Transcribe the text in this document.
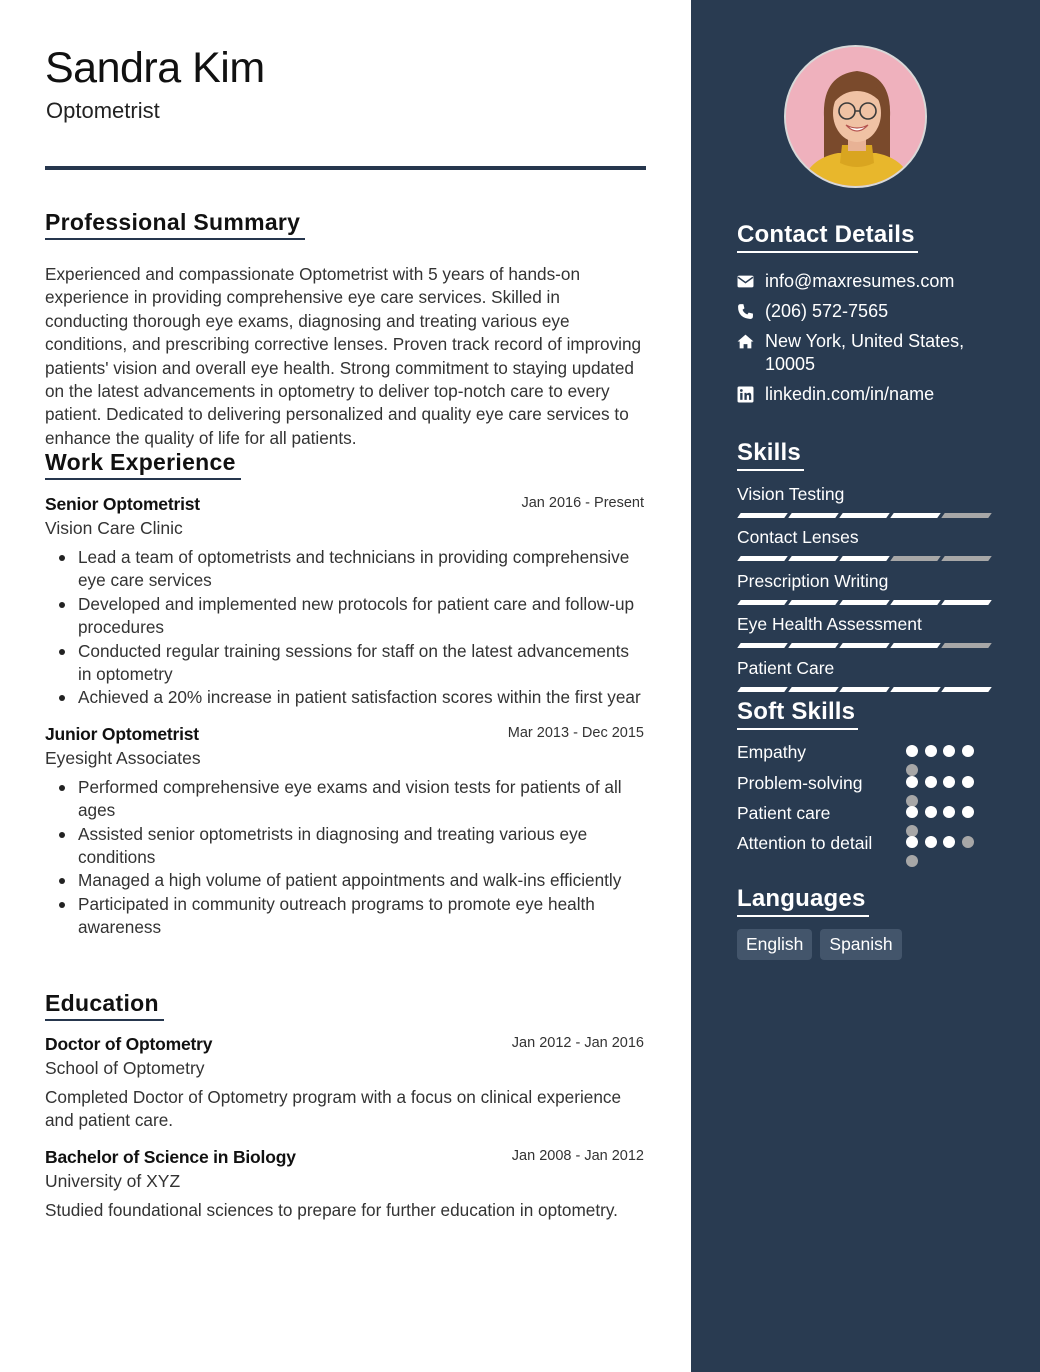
Sandra Kim
Optometrist
Professional Summary
Experienced and compassionate Optometrist with 5 years of hands-on experience in providing comprehensive eye care services. Skilled in conducting thorough eye exams, diagnosing and treating various eye conditions, and prescribing corrective lenses. Proven track record of improving patients' vision and overall eye health. Strong commitment to staying updated on the latest advancements in optometry to deliver top-notch care to every patient. Dedicated to delivering personalized and quality eye care services to enhance the quality of life for all patients.
Work Experience
Senior Optometrist	Jan 2016 - Present
Vision Care Clinic
Lead a team of optometrists and technicians in providing comprehensive eye care services
Developed and implemented new protocols for patient care and follow-up procedures
Conducted regular training sessions for staff on the latest advancements in optometry
Achieved a 20% increase in patient satisfaction scores within the first year
Junior Optometrist	Mar 2013 - Dec 2015
Eyesight Associates
Performed comprehensive eye exams and vision tests for patients of all ages
Assisted senior optometrists in diagnosing and treating various eye conditions
Managed a high volume of patient appointments and walk-ins efficiently
Participated in community outreach programs to promote eye health awareness
Education
Doctor of Optometry	Jan 2012 - Jan 2016
School of Optometry
Completed Doctor of Optometry program with a focus on clinical experience and patient care.
Bachelor of Science in Biology	Jan 2008 - Jan 2012
University of XYZ
Studied foundational sciences to prepare for further education in optometry.
Contact Details
info@maxresumes.com
(206) 572-7565
New York, United States, 10005
linkedin.com/in/name
Skills
Vision Testing
Contact Lenses
Prescription Writing
Eye Health Assessment
Patient Care
Soft Skills
Empathy
Problem-solving
Patient care
Attention to detail
Languages
English	Spanish
